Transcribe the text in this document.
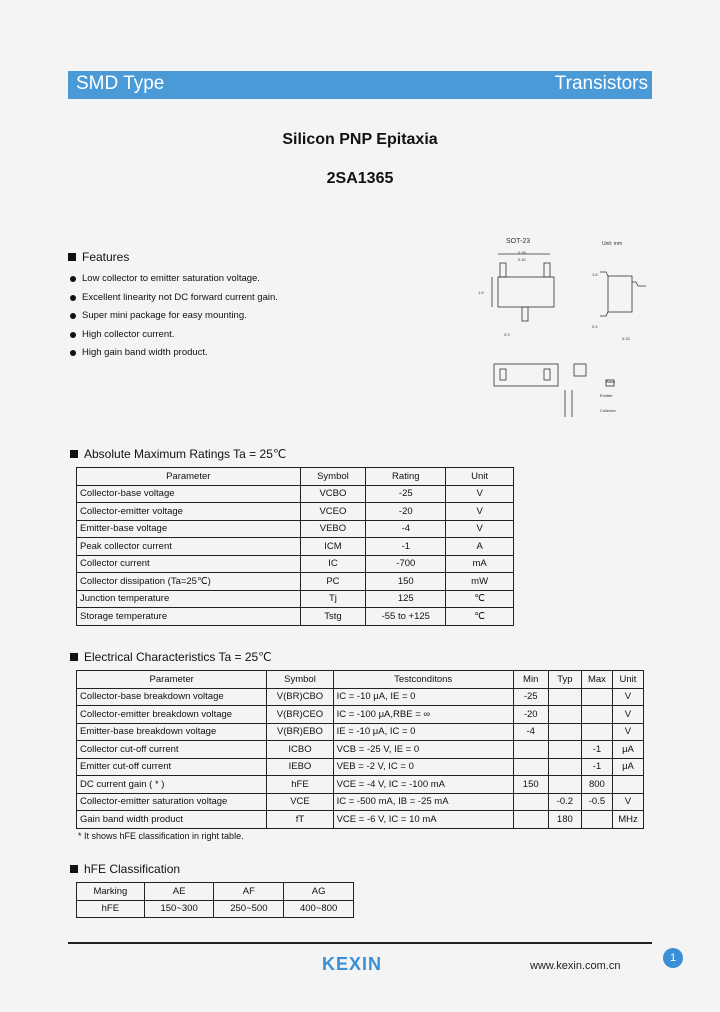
SMD Type	Transistors
Silicon PNP Epitaxia
2SA1365
Features
Low collector to emitter saturation voltage.
Excellent linearity not DC forward current gain.
Super mini package for easy mounting.
High collector current.
High gain band width product.
SOT-23	Unit: mm
0.95
0.42
1.9
2.9
1.6
0.4
0.15
Base
Emitter
Collector
Absolute Maximum Ratings Ta = 25℃
Parameter	Symbol	Rating	Unit
Collector-base voltage	VCBO	-25	V
Collector-emitter voltage	VCEO	-20	V
Emitter-base voltage	VEBO	-4	V
Peak collector current	ICM	-1	A
Collector current	IC	-700	mA
Collector dissipation (Ta=25℃)	PC	150	mW
Junction temperature	Tj	125	℃
Storage temperature	Tstg	-55 to +125	℃
Electrical Characteristics Ta = 25℃
Parameter	Symbol	Testconditons	Min	Typ	Max	Unit
Collector-base breakdown voltage	V(BR)CBO	IC = -10 μA, IE = 0	-25			V
Collector-emitter breakdown voltage	V(BR)CEO	IC = -100 μA,RBE = ∞	-20			V
Emitter-base breakdown voltage	V(BR)EBO	IE = -10 μA, IC = 0	-4			V
Collector cut-off current	ICBO	VCB = -25 V, IE = 0			-1	μA
Emitter cut-off current	IEBO	VEB = -2 V, IC = 0			-1	μA
DC current gain ( * )	hFE	VCE = -4 V, IC = -100 mA	150		800	
Collector-emitter saturation voltage	VCE	IC = -500 mA, IB = -25 mA		-0.2	-0.5	V
Gain band width product	fT	VCE = -6 V, IC = 10 mA		180		MHz
* It shows hFE classification in right table.
hFE Classification
Marking	AE	AF	AG
hFE	150~300	250~500	400~800
KEXIN	www.kexin.com.cn
1
